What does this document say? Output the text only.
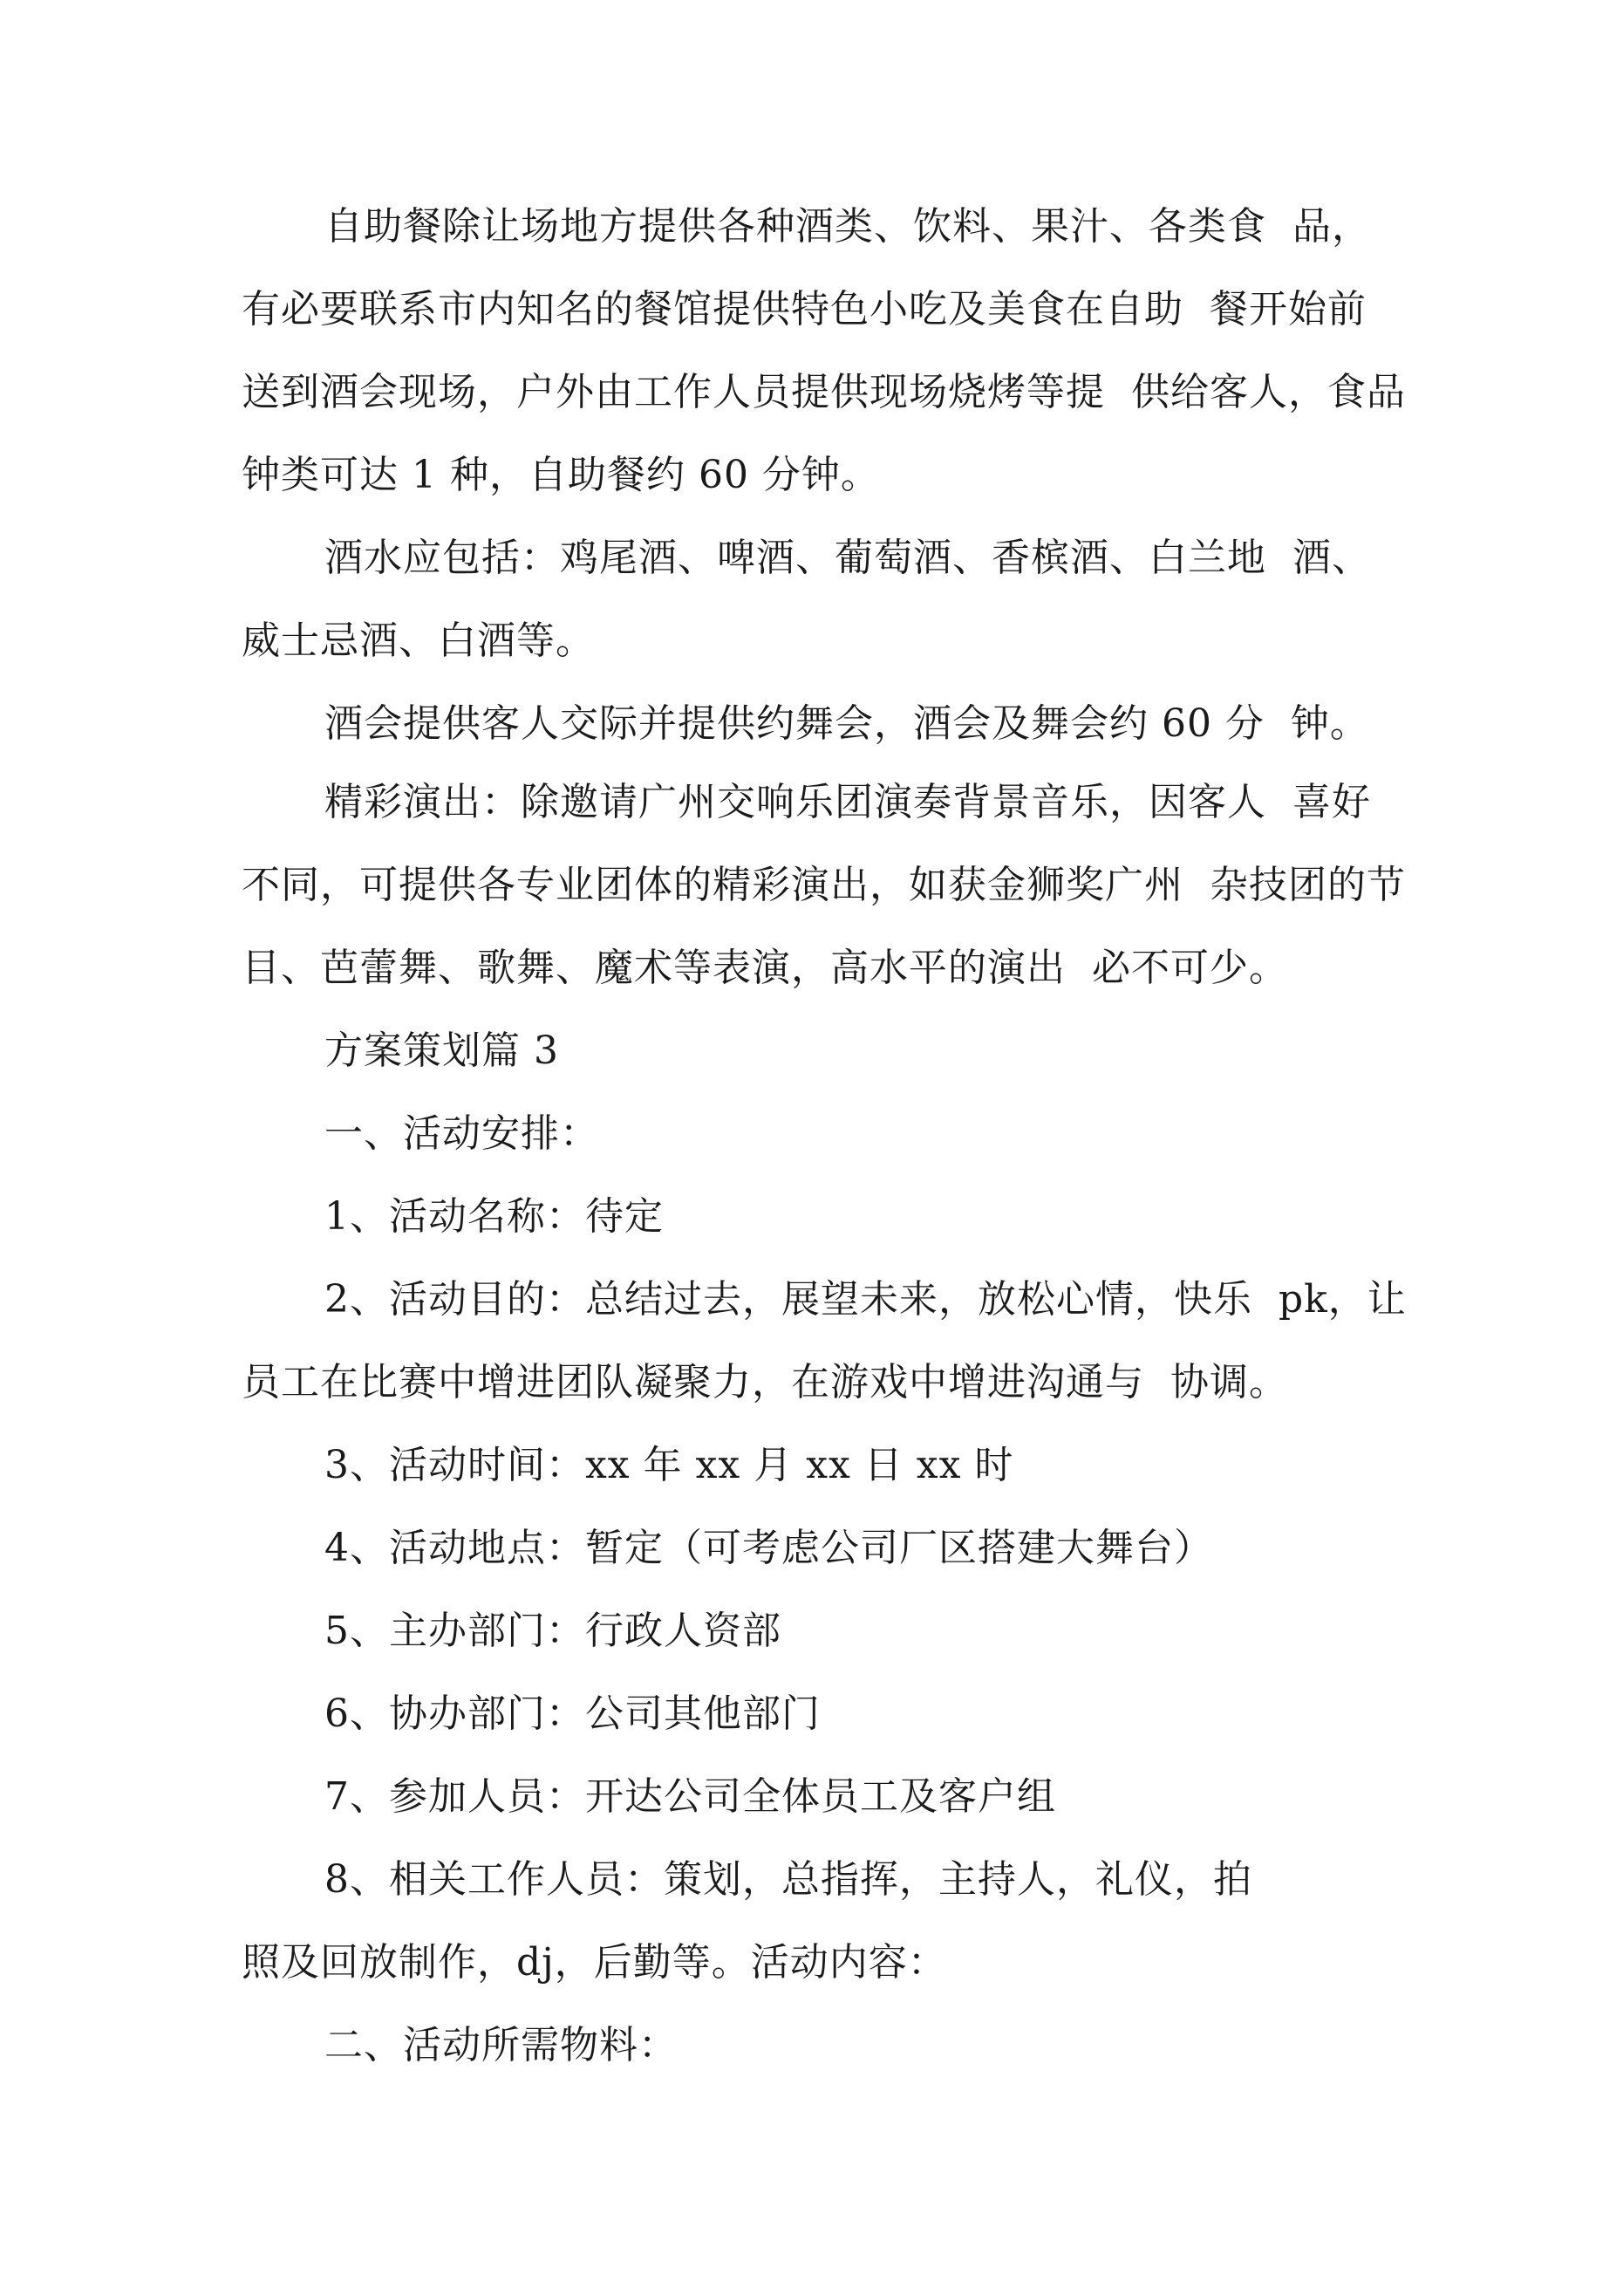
自助餐除让场地方提供各种酒类、饮料、果汁、各类食  品，

有必要联系市内知名的餐馆提供特色小吃及美食在自助  餐开始前

送到酒会现场，户外由工作人员提供现场烧烤等提  供给客人，食品

钟类可达 1 种，自助餐约 60 分钟。

酒水应包括：鸡尾酒、啤酒、葡萄酒、香槟酒、白兰地  酒、

威士忌酒、白酒等。

酒会提供客人交际并提供约舞会，酒会及舞会约 60 分  钟。

精彩演出：除邀请广州交响乐团演奏背景音乐，因客人  喜好

不同，可提供各专业团体的精彩演出，如获金狮奖广州  杂技团的节

目、芭蕾舞、歌舞、魔术等表演，高水平的演出  必不可少。

方案策划篇 3

一、活动安排：

1、活动名称：待定

2、活动目的：总结过去，展望未来，放松心情，快乐  pk，让

员工在比赛中增进团队凝聚力，在游戏中增进沟通与  协调。

3、活动时间：xx 年 xx 月 xx 日 xx 时

4、活动地点：暂定（可考虑公司厂区搭建大舞台）

5、主办部门：行政人资部

6、协办部门：公司其他部门

7、参加人员：开达公司全体员工及客户组

8、相关工作人员：策划，总指挥，主持人，礼仪，拍

照及回放制作，dj，后勤等。活动内容：

二、活动所需物料：
